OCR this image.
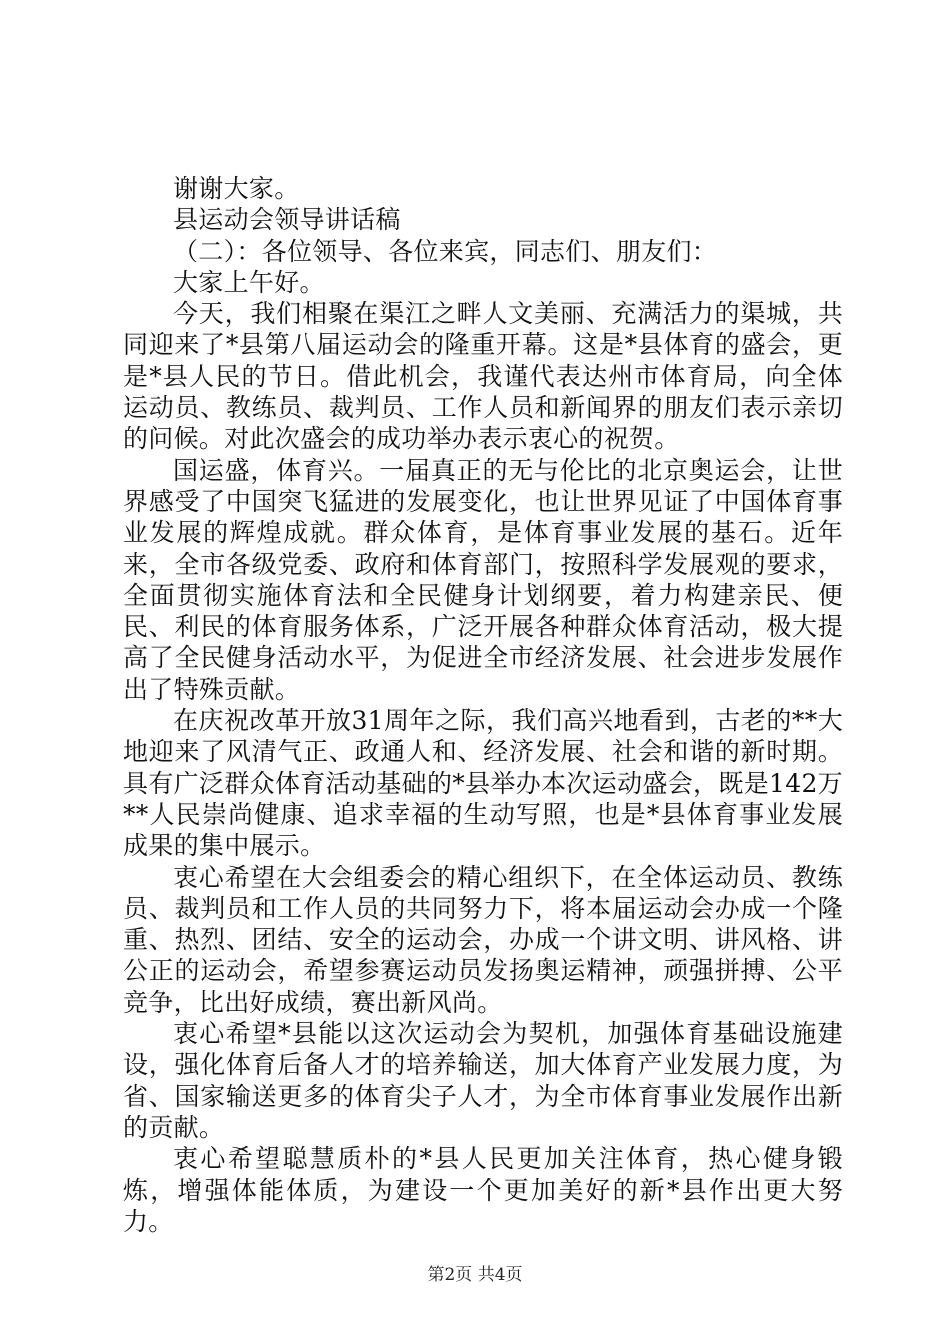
谢谢大家。

县运动会领导讲话稿

（二）：各位领导、各位来宾，同志们、朋友们：

大家上午好。

今天，我们相聚在渠江之畔人文美丽、充满活力的渠城，共同迎来了*县第八届运动会的隆重开幕。这是*县体育的盛会，更是*县人民的节日。借此机会，我谨代表达州市体育局，向全体运动员、教练员、裁判员、工作人员和新闻界的朋友们表示亲切的问候。对此次盛会的成功举办表示衷心的祝贺。

国运盛，体育兴。一届真正的无与伦比的北京奥运会，让世界感受了中国突飞猛进的发展变化，也让世界见证了中国体育事业发展的辉煌成就。群众体育，是体育事业发展的基石。近年来，全市各级党委、政府和体育部门，按照科学发展观的要求，全面贯彻实施体育法和全民健身计划纲要，着力构建亲民、便民、利民的体育服务体系，广泛开展各种群众体育活动，极大提高了全民健身活动水平，为促进全市经济发展、社会进步发展作出了特殊贡献。

在庆祝改革开放31周年之际，我们高兴地看到，古老的**大地迎来了风清气正、政通人和、经济发展、社会和谐的新时期。具有广泛群众体育活动基础的*县举办本次运动盛会，既是142万**人民崇尚健康、追求幸福的生动写照，也是*县体育事业发展成果的集中展示。

衷心希望在大会组委会的精心组织下，在全体运动员、教练员、裁判员和工作人员的共同努力下，将本届运动会办成一个隆重、热烈、团结、安全的运动会，办成一个讲文明、讲风格、讲公正的运动会，希望参赛运动员发扬奥运精神，顽强拼搏、公平竞争，比出好成绩，赛出新风尚。

衷心希望*县能以这次运动会为契机，加强体育基础设施建设，强化体育后备人才的培养输送，加大体育产业发展力度，为省、国家输送更多的体育尖子人才，为全市体育事业发展作出新的贡献。

衷心希望聪慧质朴的*县人民更加关注体育，热心健身锻炼，增强体能体质，为建设一个更加美好的新*县作出更大努力。

第2页 共4页
